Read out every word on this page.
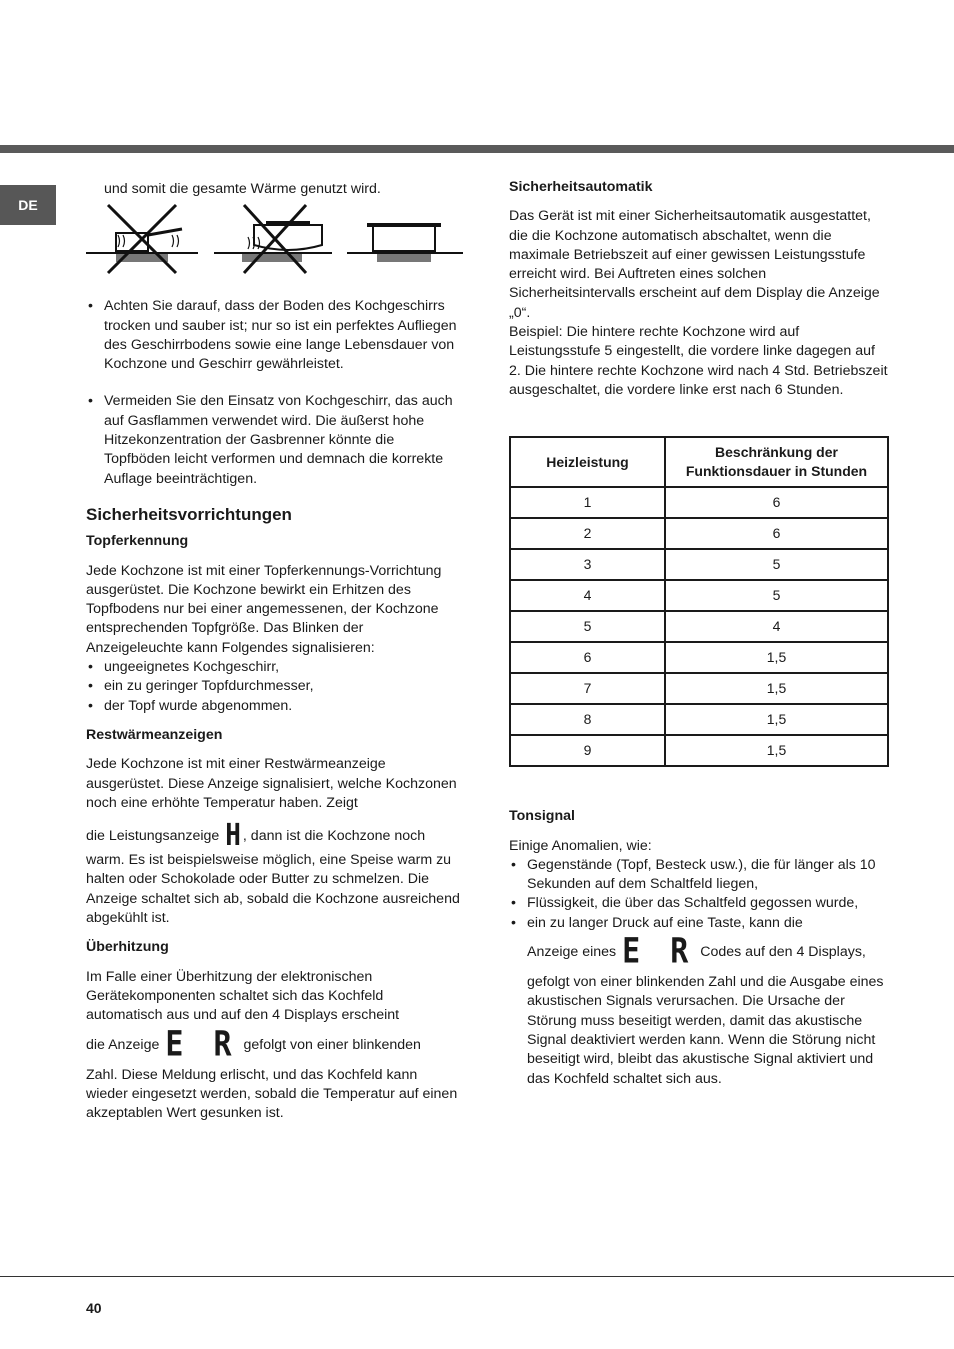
DE

und somit die gesamte Wärme genutzt wird.

• Achten Sie darauf, dass der Boden des Kochgeschirrs trocken und sauber ist; nur so ist ein perfektes Aufliegen des Geschirrbodens sowie eine lange Lebensdauer von Kochzone und Geschirr gewährleistet.
• Vermeiden Sie den Einsatz von Kochgeschirr, das auch auf Gasflammen verwendet wird. Die äußerst hohe Hitzekonzentration der Gasbrenner könnte die Topfböden leicht verformen und demnach die korrekte Auflage beeinträchtigen.

Sicherheitsvorrichtungen

Topferkennung

Jede Kochzone ist mit einer Topferkennungs-Vorrichtung ausgerüstet. Die Kochzone bewirkt ein Erhitzen des Topfbodens nur bei einer angemessenen, der Kochzone entsprechenden Topfgröße. Das Blinken der Anzeigeleuchte kann Folgendes signalisieren:

• ungeeignetes Kochgeschirr,
• ein zu geringer Topfdurchmesser,
• der Topf wurde abgenommen.

Restwärmeanzeigen

Jede Kochzone ist mit einer Restwärmeanzeige ausgerüstet. Diese Anzeige signalisiert, welche Kochzonen noch eine erhöhte Temperatur haben. Zeigt

die Leistungsanzeige H , dann ist die Kochzone noch warm. Es ist beispielsweise möglich, eine Speise warm zu halten oder Schokolade oder Butter zu schmelzen. Die Anzeige schaltet sich ab, sobald die Kochzone ausreichend abgekühlt ist.

Überhitzung

Im Falle einer Überhitzung der elektronischen Gerätekomponenten schaltet sich das Kochfeld automatisch aus und auf den 4 Displays erscheint

die Anzeige E R gefolgt von einer blinkenden

Zahl. Diese Meldung erlischt, und das Kochfeld kann wieder eingesetzt werden, sobald die Temperatur auf einen akzeptablen Wert gesunken ist.

Sicherheitsautomatik

Das Gerät ist mit einer Sicherheitsautomatik ausgestattet, die die Kochzone automatisch abschaltet, wenn die maximale Betriebszeit auf einer gewissen Leistungsstufe erreicht wird. Bei Auftreten eines solchen Sicherheitsintervalls erscheint auf dem Display die Anzeige „0“.

Beispiel: Die hintere rechte Kochzone wird auf Leistungsstufe 5 eingestellt, die vordere linke dagegen auf 2. Die hintere rechte Kochzone wird nach 4 Std. Betriebszeit ausgeschaltet, die vordere linke erst nach 6 Stunden.

Heizleistung	Beschränkung der Funktionsdauer in Stunden
1	6
2	6
3	5
4	5
5	4
6	1,5
7	1,5
8	1,5
9	1,5

Tonsignal

Einige Anomalien, wie:

• Gegenstände (Topf, Besteck usw.), die für länger als 10 Sekunden auf dem Schaltfeld liegen,
• Flüssigkeit, die über das Schaltfeld gegossen wurde,
• ein zu langer Druck auf eine Taste, kann die

Anzeige eines E R Codes auf den 4 Displays,

gefolgt von einer blinkenden Zahl und die Ausgabe eines akustischen Signals verursachen. Die Ursache der Störung muss beseitigt werden, damit das akustische Signal deaktiviert werden kann. Wenn die Störung nicht beseitigt wird, bleibt das akustische Signal aktiviert und das Kochfeld schaltet sich aus.

40
